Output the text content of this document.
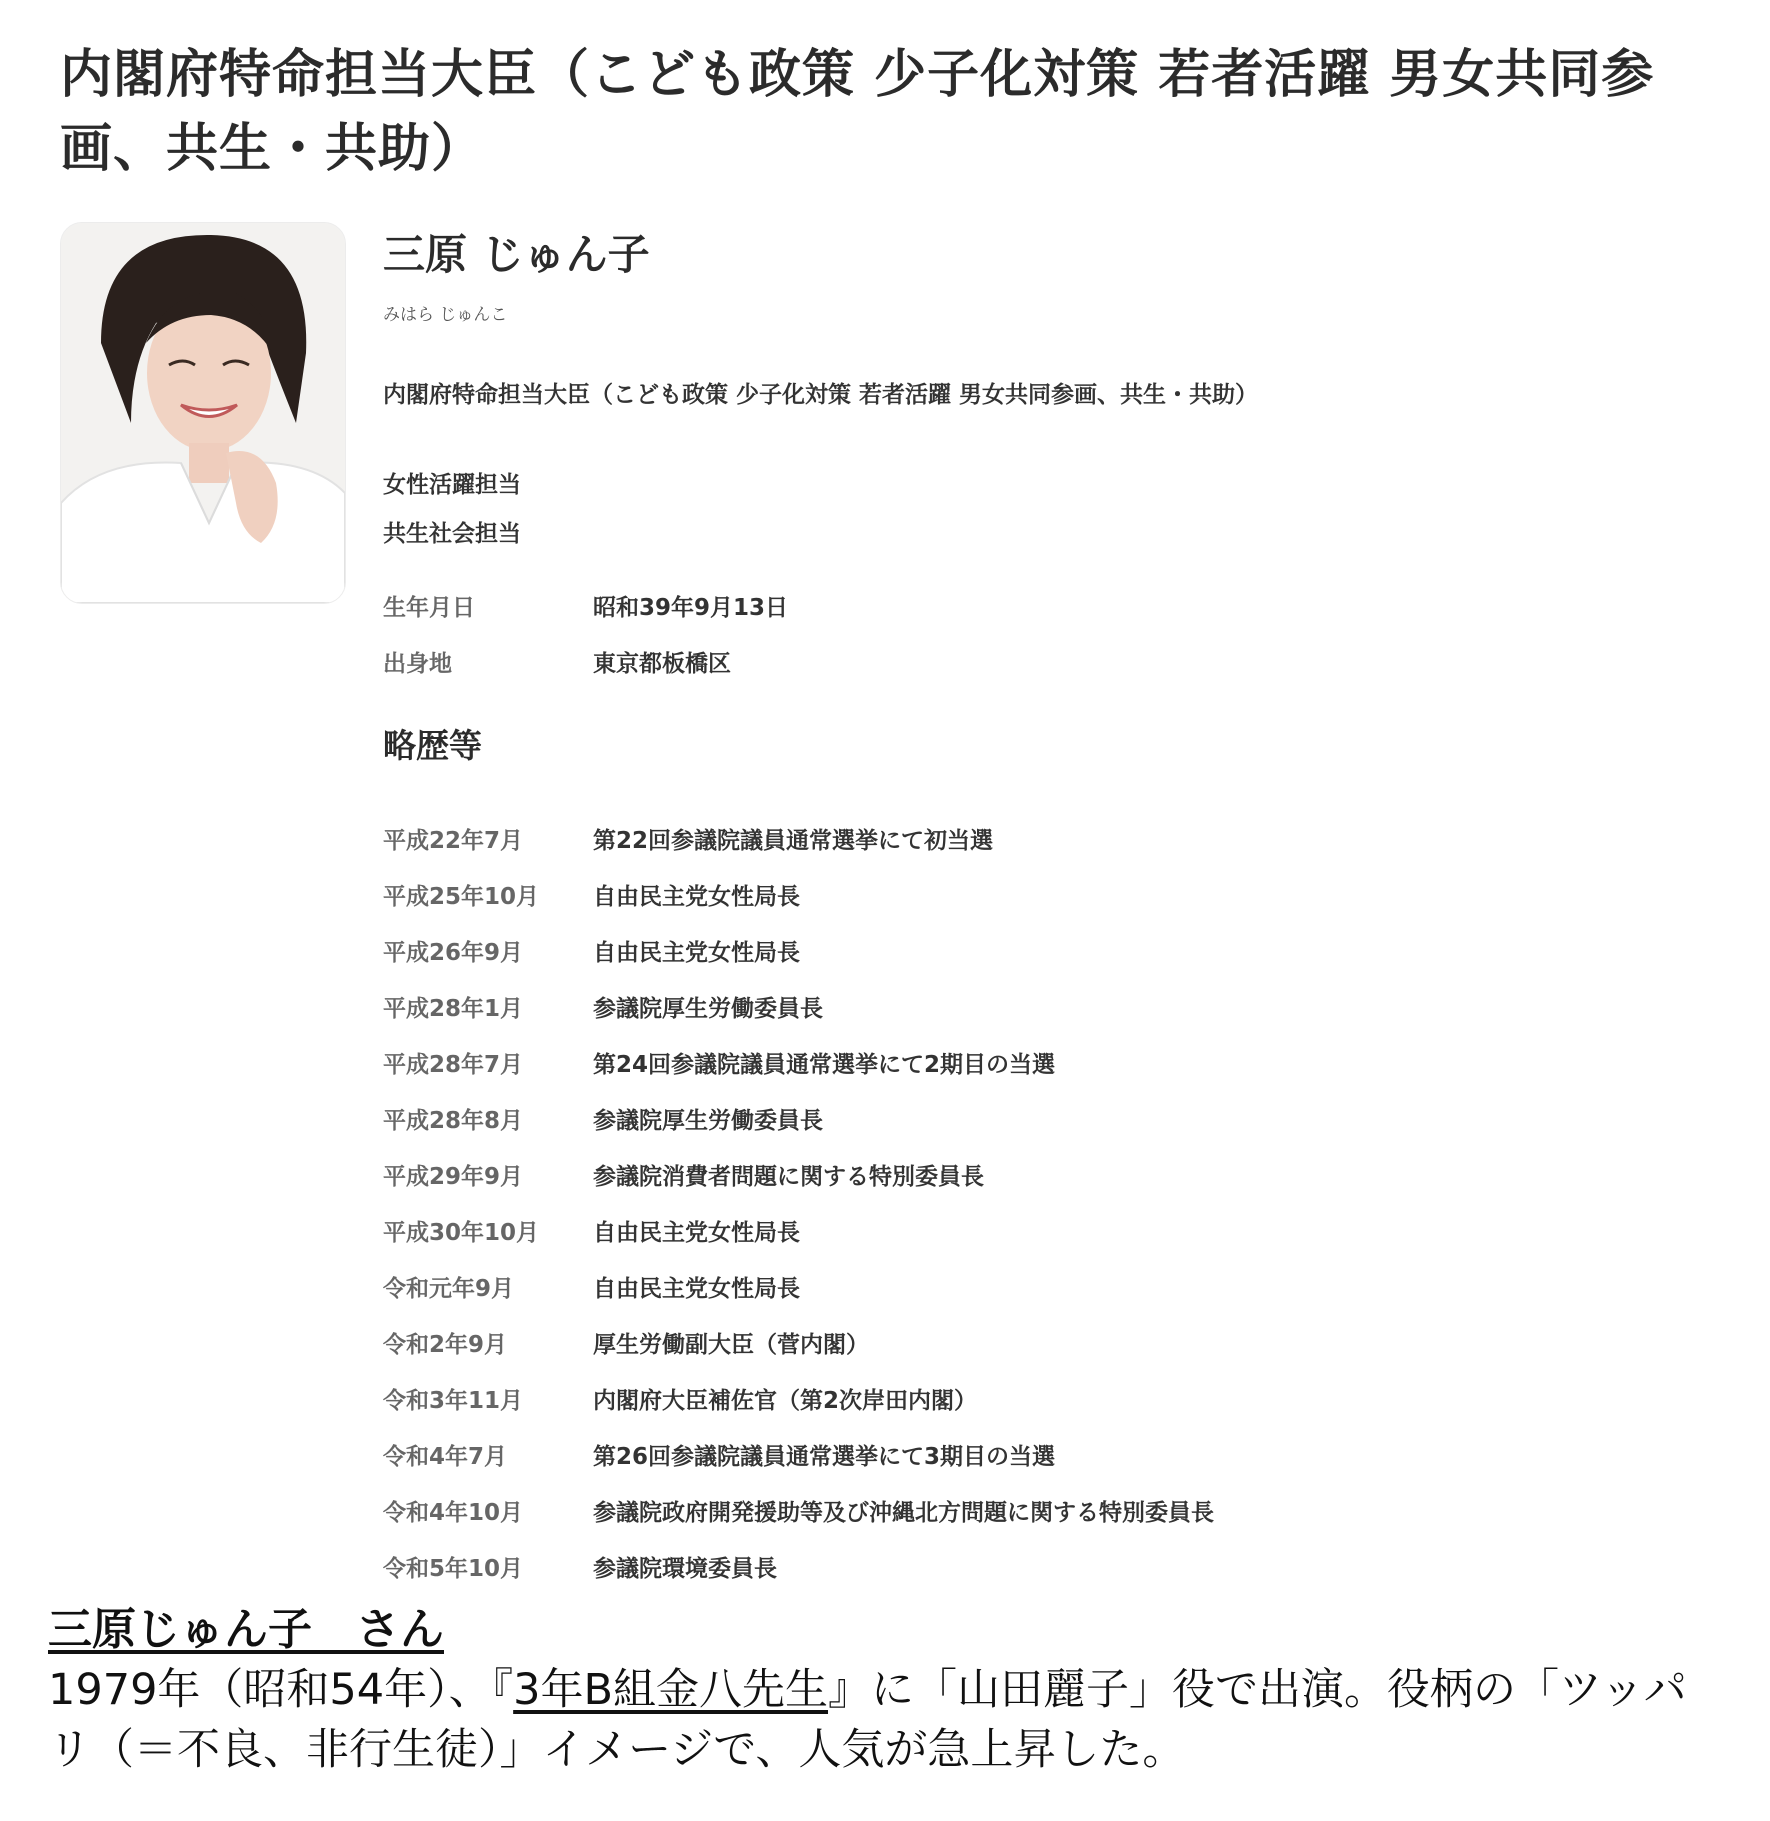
内閣府特命担当大臣（こども政策 少子化対策 若者活躍 男女共同参画、共生・共助）
三原 じゅん子
みはら じゅんこ
内閣府特命担当大臣（こども政策 少子化対策 若者活躍 男女共同参画、共生・共助）
女性活躍担当
共生社会担当
生年月日	昭和39年9月13日
出身地	東京都板橋区
略歴等
平成22年7月	第22回参議院議員通常選挙にて初当選
平成25年10月	自由民主党女性局長
平成26年9月	自由民主党女性局長
平成28年1月	参議院厚生労働委員長
平成28年7月	第24回参議院議員通常選挙にて2期目の当選
平成28年8月	参議院厚生労働委員長
平成29年9月	参議院消費者問題に関する特別委員長
平成30年10月	自由民主党女性局長
令和元年9月	自由民主党女性局長
令和2年9月	厚生労働副大臣（菅内閣）
令和3年11月	内閣府大臣補佐官（第2次岸田内閣）
令和4年7月	第26回参議院議員通常選挙にて3期目の当選
令和4年10月	参議院政府開発援助等及び沖縄北方問題に関する特別委員長
令和5年10月	参議院環境委員長
三原じゅん子　さん
1979年（昭和54年）、『3年B組金八先生』に「山田麗子」役で出演。役柄の「ツッパリ（＝不良、非行生徒）」イメージで、人気が急上昇した。
